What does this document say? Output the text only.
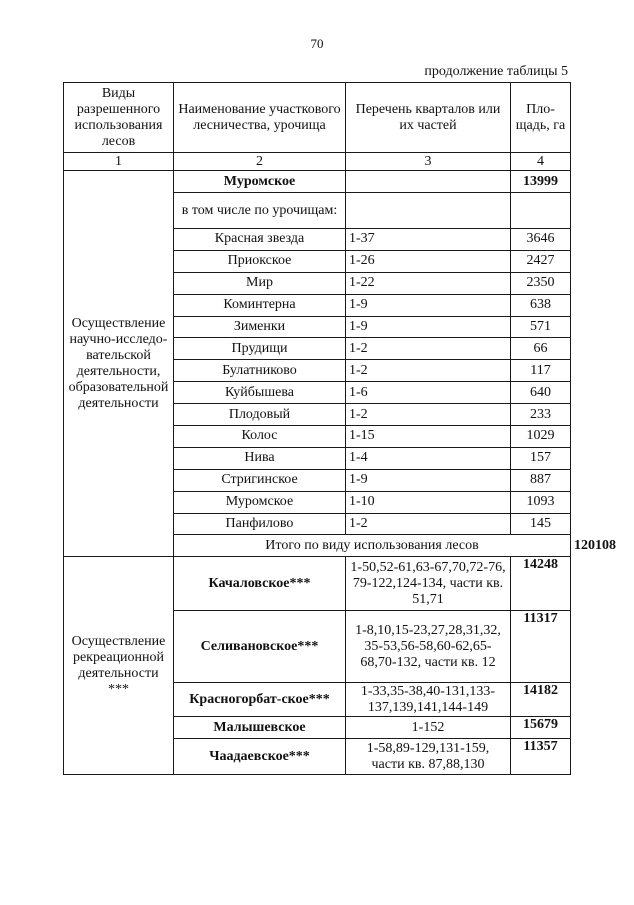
70
продолжение таблицы 5
Виды разрешенного использования лесов	Наименование участкового лесничества, урочища	Перечень кварталов или их частей	Пло-щадь, га	
1	2	3	4	
Осуществление научно-исследо-вательской деятельности, образовательной деятельности	Муромское		13999	
	в том числе по урочищам:			
	Красная звезда	1-37	3646	
	Приокское	1-26	2427	
	Мир	1-22	2350	
	Коминтерна	1-9	638	
	Зименки	1-9	571	
	Прудищи	1-2	66	
	Булатниково	1-2	117	
	Куйбышева	1-6	640	
	Плодовый	1-2	233	
	Колос	1-15	1029	
	Нива	1-4	157	
	Стригинское	1-9	887	
	Муромское	1-10	1093	
	Панфилово	1-2	145	
	Итого по виду использования лесов			120108
Осуществление рекреационной деятельности ***	Качаловское***	1-50,52-61,63-67,70,72-76, 79-122,124-134, части кв. 51,71	14248	
	Селивановское***	1-8,10,15-23,27,28,31,32, 35-53,56-58,60-62,65-68,70-132, части кв. 12	11317	
	Красногорбат-ское***	1-33,35-38,40-131,133-137,139,141,144-149	14182	
	Малышевское	1-152	15679	
	Чаадаевское***	1-58,89-129,131-159, части кв. 87,88,130	11357	
